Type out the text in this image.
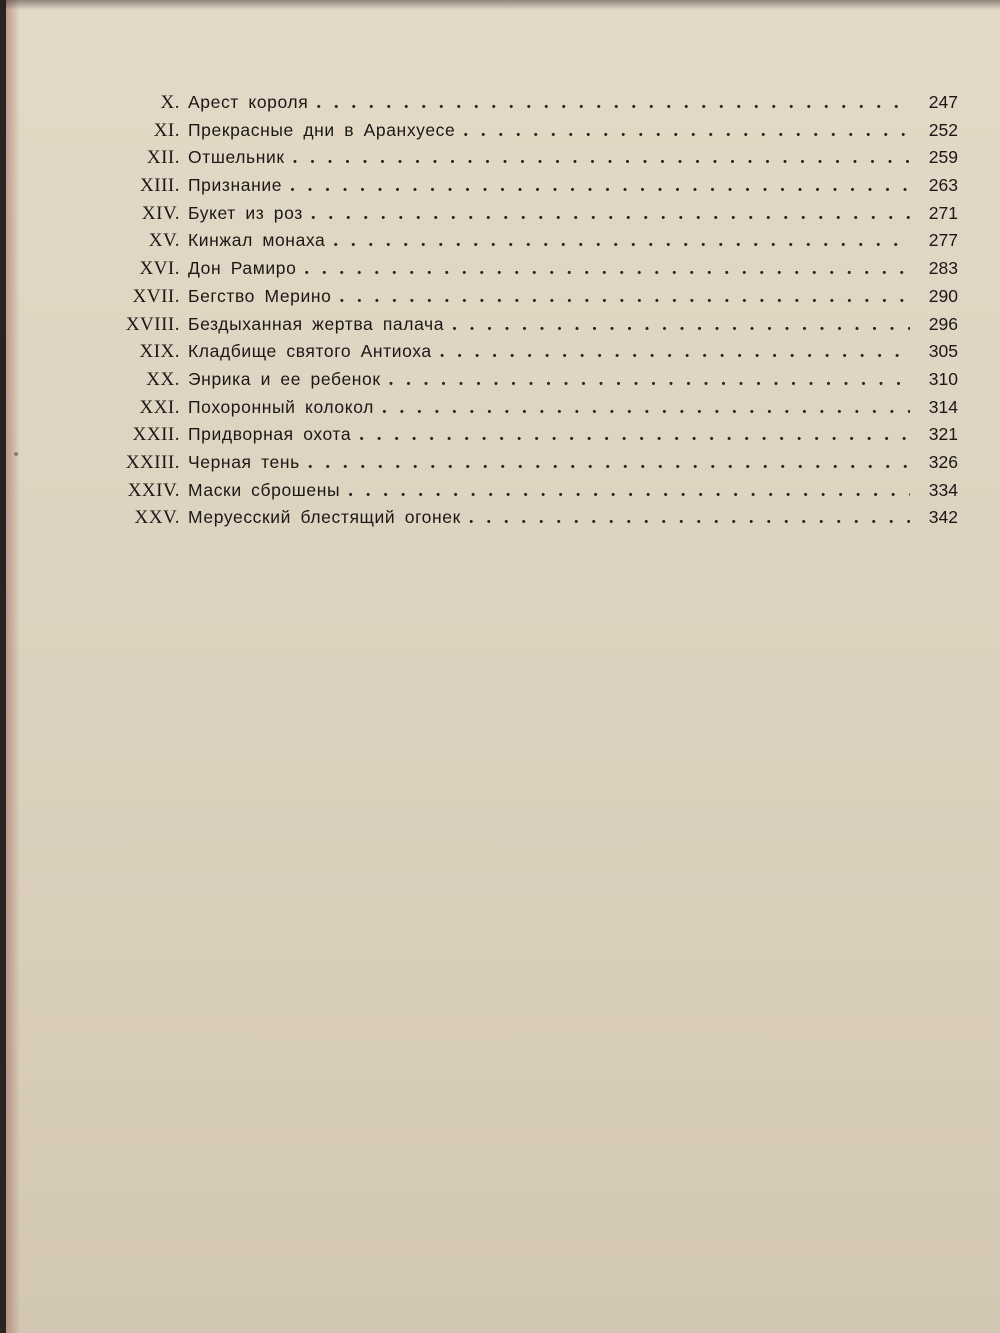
X. Арест короля . . .	247
XI. Прекрасные дни в Аранхуесе . . .	252
XII. Отшельник . . .	259
XIII. Признание . . .	263
XIV. Букет из роз . . .	271
XV. Кинжал монаха . . .	277
XVI. Дон Рамиро . . .	283
XVII. Бегство Мерино . . .	290
XVIII. Бездыханная жертва палача . . .	296
XIX. Кладбище святого Антиоха . . .	305
XX. Энрика и ее ребенок . . .	310
XXI. Похоронный колокол . . .	314
XXII. Придворная охота . . .	321
XXIII. Черная тень . . .	326
XXIV. Маски сброшены . . .	334
XXV. Меруесский блестящий огонек . . .	342
